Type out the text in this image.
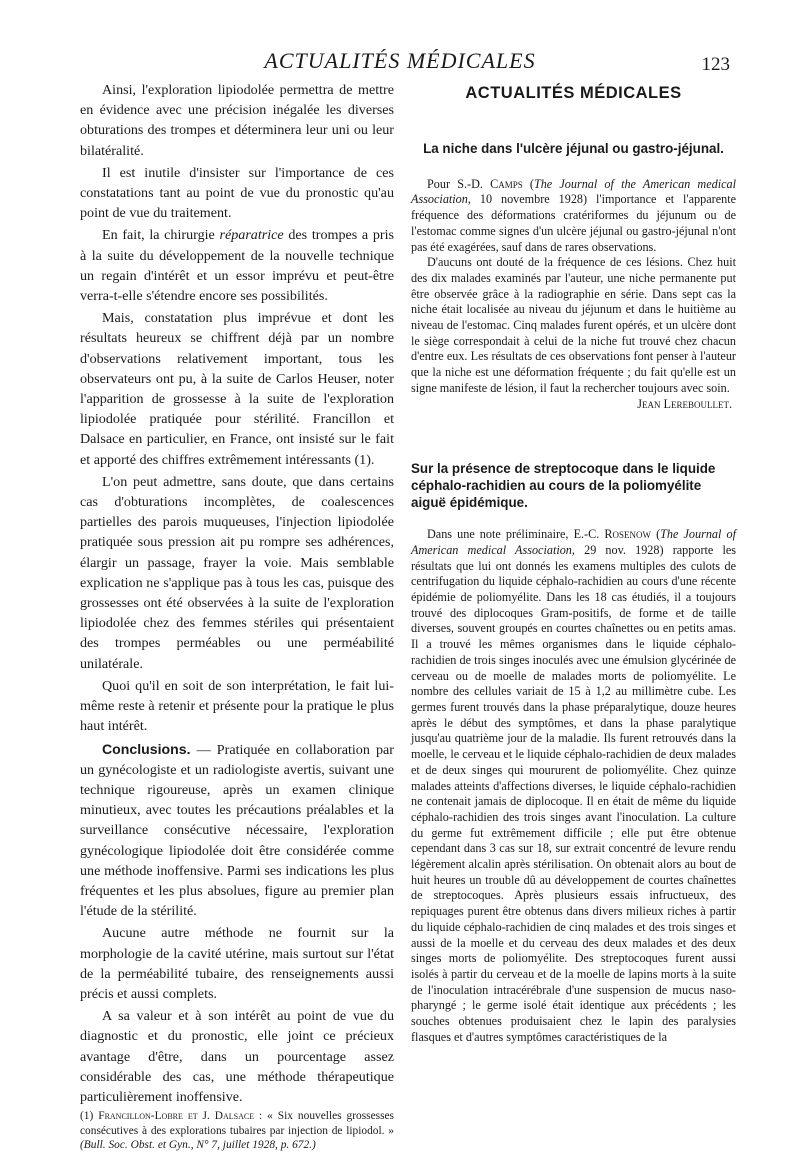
ACTUALITÉS MÉDICALES	123

Ainsi, l'exploration lipiodolée permettra de mettre en évidence avec une précision inégalée les diverses obturations des trompes et déterminera leur uni ou leur bilatéralité.

Il est inutile d'insister sur l'importance de ces constatations tant au point de vue du pronostic qu'au point de vue du traitement.

En fait, la chirurgie réparatrice des trompes a pris à la suite du développement de la nouvelle technique un regain d'intérêt et un essor imprévu et peut-être verra-t-elle s'étendre encore ses possibilités.

Mais, constatation plus imprévue et dont les résultats heureux se chiffrent déjà par un nombre d'observations relativement important, tous les observateurs ont pu, à la suite de Carlos Heuser, noter l'apparition de grossesse à la suite de l'exploration lipiodolée pratiquée pour stérilité. Francillon et Dalsace en particulier, en France, ont insisté sur le fait et apporté des chiffres extrêmement intéressants (1).

L'on peut admettre, sans doute, que dans certains cas d'obturations incomplètes, de coalescences partielles des parois muqueuses, l'injection lipiodolée pratiquée sous pression ait pu rompre ses adhérences, élargir un passage, frayer la voie. Mais semblable explication ne s'applique pas à tous les cas, puisque des grossesses ont été observées à la suite de l'exploration lipiodolée chez des femmes stériles qui présentaient des trompes perméables ou une perméabilité unilatérale.

Quoi qu'il en soit de son interprétation, le fait lui-même reste à retenir et présente pour la pratique le plus haut intérêt.

Conclusions. — Pratiquée en collaboration par un gynécologiste et un radiologiste avertis, suivant une technique rigoureuse, après un examen clinique minutieux, avec toutes les précautions préalables et la surveillance consécutive nécessaire, l'exploration gynécologique lipiodolée doit être considérée comme une méthode inoffensive. Parmi ses indications les plus fréquentes et les plus absolues, figure au premier plan l'étude de la stérilité.

Aucune autre méthode ne fournit sur la morphologie de la cavité utérine, mais surtout sur l'état de la perméabilité tubaire, des renseignements aussi précis et aussi complets.

A sa valeur et à son intérêt au point de vue du diagnostic et du pronostic, elle joint ce précieux avantage d'être, dans un pourcentage assez considérable des cas, une méthode thérapeutique particulièrement inoffensive.

(1) Francillon-Lobre et J. Dalsace : « Six nouvelles grossesses consécutives à des explorations tubaires par injection de lipiodol. » (Bull. Soc. Obst. et Gyn., N° 7, juillet 1928, p. 672.)

ACTUALITÉS MÉDICALES
La niche dans l'ulcère jéjunal ou gastro-jéjunal.

Pour S.-D. Camps (The Journal of the American medical Association, 10 novembre 1928) l'importance et l'apparente fréquence des déformations cratériformes du jéjunum ou de l'estomac comme signes d'un ulcère jéjunal ou gastro-jéjunal n'ont pas été exagérées, sauf dans de rares observations.

D'aucuns ont douté de la fréquence de ces lésions. Chez huit des dix malades examinés par l'auteur, une niche permanente put être observée grâce à la radiographie en série. Dans sept cas la niche était localisée au niveau du jéjunum et dans le huitième au niveau de l'estomac. Cinq malades furent opérés, et un ulcère dont le siège correspondait à celui de la niche fut trouvé chez chacun d'entre eux. Les résultats de ces observations font penser à l'auteur que la niche est une déformation fréquente ; du fait qu'elle est un signe manifeste de lésion, il faut la rechercher toujours avec soin.

Jean Lereboullet.
Sur la présence de streptocoque dans le liquide céphalo-rachidien au cours de la poliomyélite aiguë épidémique.

Dans une note préliminaire, E.-C. Rosenow (The Journal of American medical Association, 29 nov. 1928) rapporte les résultats que lui ont donnés les examens multiples des culots de centrifugation du liquide céphalo-rachidien au cours d'une récente épidémie de poliomyélite. Dans les 18 cas étudiés, il a toujours trouvé des diplocoques Gram-positifs, de forme et de taille diverses, souvent groupés en courtes chaînettes ou en petits amas. Il a trouvé les mêmes organismes dans le liquide céphalo-rachidien de trois singes inoculés avec une émulsion glycérinée de cerveau ou de moelle de malades morts de poliomyélite. Le nombre des cellules variait de 15 à 1,2 au millimètre cube. Les germes furent trouvés dans la phase préparalytique, douze heures après le début des symptômes, et dans la phase paralytique jusqu'au quatrième jour de la maladie. Ils furent retrouvés dans la moelle, le cerveau et le liquide céphalo-rachidien de deux malades et de deux singes qui moururent de poliomyélite. Chez quinze malades atteints d'affections diverses, le liquide céphalo-rachidien ne contenait jamais de diplocoque. Il en était de même du liquide céphalo-rachidien des trois singes avant l'inoculation. La culture du germe fut extrêmement difficile ; elle put être obtenue cependant dans 3 cas sur 18, sur extrait concentré de levure rendu légèrement alcalin après stérilisation. On obtenait alors au bout de huit heures un trouble dû au développement de courtes chaînettes de streptocoques. Après plusieurs essais infructueux, des repiquages purent être obtenus dans divers milieux riches à partir du liquide céphalo-rachidien de cinq malades et des trois singes et aussi de la moelle et du cerveau des deux malades et des deux singes morts de poliomyélite. Des streptocoques furent aussi isolés à partir du cerveau et de la moelle de lapins morts à la suite de l'inoculation intracérébrale d'une suspension de mucus naso-pharyngé ; le germe isolé était identique aux précédents ; les souches obtenues produisaient chez le lapin des paralysies flasques et d'autres symptômes caractéristiques de la
